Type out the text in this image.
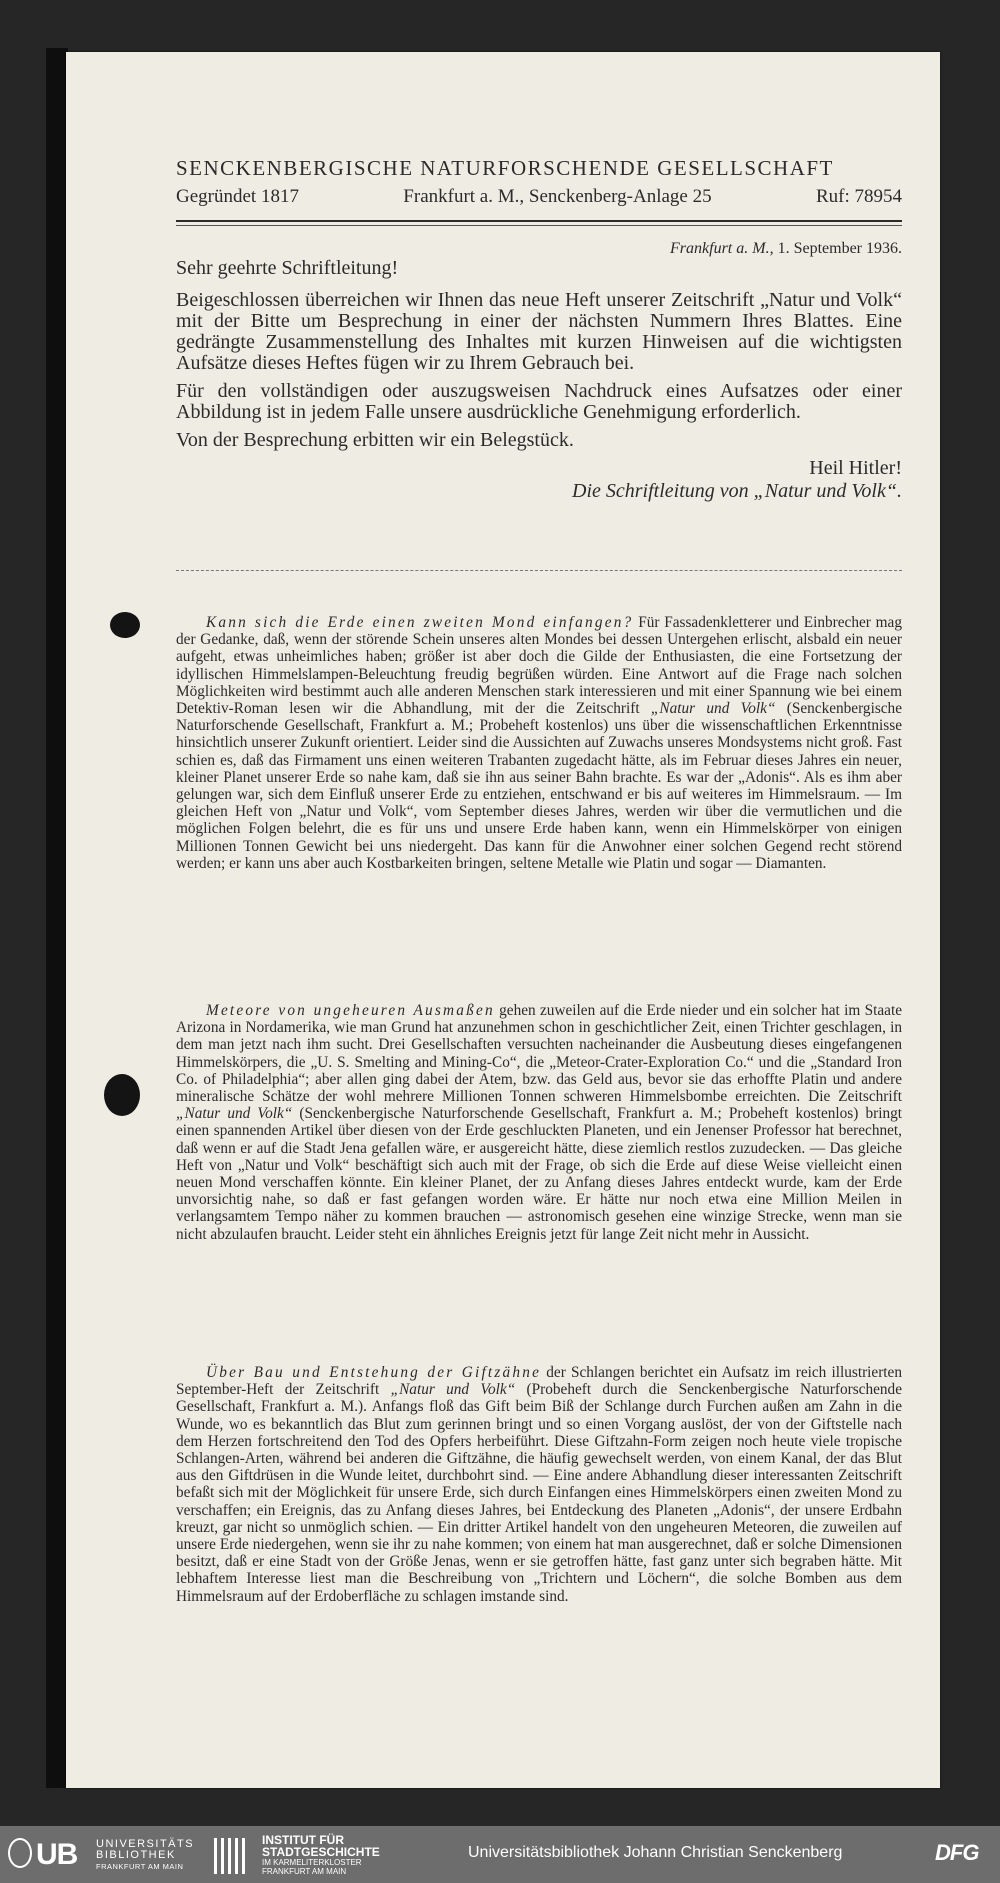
SENCKENBERGISCHE NATURFORSCHENDE GESELLSCHAFT
Gegründet 1817	Frankfurt a. M., Senckenberg-Anlage 25	Ruf: 78954
Frankfurt a. M., 1. September 1936.

Sehr geehrte Schriftleitung!

Beigeschlossen überreichen wir Ihnen das neue Heft unserer Zeitschrift „Natur und Volk“ mit der Bitte um Besprechung in einer der nächsten Nummern Ihres Blattes. Eine gedrängte Zusammenstellung des Inhaltes mit kurzen Hinweisen auf die wichtigsten Aufsätze dieses Heftes fügen wir zu Ihrem Gebrauch bei.

Für den vollständigen oder auszugsweisen Nachdruck eines Aufsatzes oder einer Abbildung ist in jedem Falle unsere ausdrückliche Genehmigung erforderlich.

Von der Besprechung erbitten wir ein Belegstück.

Heil Hitler!

Die Schriftleitung von „Natur und Volk“.

Kann sich die Erde einen zweiten Mond einfangen? Für Fassadenkletterer und Einbrecher mag der Gedanke, daß, wenn der störende Schein unseres alten Mondes bei dessen Untergehen erlischt, alsbald ein neuer aufgeht, etwas unheimliches haben; größer ist aber doch die Gilde der Enthusiasten, die eine Fortsetzung der idyllischen Himmelslampen-Beleuchtung freudig begrüßen würden. Eine Antwort auf die Frage nach solchen Möglichkeiten wird bestimmt auch alle anderen Menschen stark interessieren und mit einer Spannung wie bei einem Detektiv-Roman lesen wir die Abhandlung, mit der die Zeitschrift „Natur und Volk“ (Senckenbergische Naturforschende Gesellschaft, Frankfurt a. M.; Probeheft kostenlos) uns über die wissenschaftlichen Erkenntnisse hinsichtlich unserer Zukunft orientiert. Leider sind die Aussichten auf Zuwachs unseres Mondsystems nicht groß. Fast schien es, daß das Firmament uns einen weiteren Trabanten zugedacht hätte, als im Februar dieses Jahres ein neuer, kleiner Planet unserer Erde so nahe kam, daß sie ihn aus seiner Bahn brachte. Es war der „Adonis“. Als es ihm aber gelungen war, sich dem Einfluß unserer Erde zu entziehen, entschwand er bis auf weiteres im Himmelsraum. — Im gleichen Heft von „Natur und Volk“, vom September dieses Jahres, werden wir über die vermutlichen und die möglichen Folgen belehrt, die es für uns und unsere Erde haben kann, wenn ein Himmelskörper von einigen Millionen Tonnen Gewicht bei uns niedergeht. Das kann für die Anwohner einer solchen Gegend recht störend werden; er kann uns aber auch Kostbarkeiten bringen, seltene Metalle wie Platin und sogar — Diamanten.
Meteore von ungeheuren Ausmaßen gehen zuweilen auf die Erde nieder und ein solcher hat im Staate Arizona in Nordamerika, wie man Grund hat anzunehmen schon in geschichtlicher Zeit, einen Trichter geschlagen, in dem man jetzt nach ihm sucht. Drei Gesellschaften versuchten nacheinander die Ausbeutung dieses eingefangenen Himmelskörpers, die „U. S. Smelting and Mining-Co“, die „Meteor-Crater-Exploration Co.“ und die „Standard Iron Co. of Philadelphia“; aber allen ging dabei der Atem, bzw. das Geld aus, bevor sie das erhoffte Platin und andere mineralische Schätze der wohl mehrere Millionen Tonnen schweren Himmelsbombe erreichten. Die Zeitschrift „Natur und Volk“ (Senckenbergische Naturforschende Gesellschaft, Frankfurt a. M.; Probeheft kostenlos) bringt einen spannenden Artikel über diesen von der Erde geschluckten Planeten, und ein Jenenser Professor hat berechnet, daß wenn er auf die Stadt Jena gefallen wäre, er ausgereicht hätte, diese ziemlich restlos zuzudecken. — Das gleiche Heft von „Natur und Volk“ beschäftigt sich auch mit der Frage, ob sich die Erde auf diese Weise vielleicht einen neuen Mond verschaffen könnte. Ein kleiner Planet, der zu Anfang dieses Jahres entdeckt wurde, kam der Erde unvorsichtig nahe, so daß er fast gefangen worden wäre. Er hätte nur noch etwa eine Million Meilen in verlangsamtem Tempo näher zu kommen brauchen — astronomisch gesehen eine winzige Strecke, wenn man sie nicht abzulaufen braucht. Leider steht ein ähnliches Ereignis jetzt für lange Zeit nicht mehr in Aussicht.
Über Bau und Entstehung der Giftzähne der Schlangen berichtet ein Aufsatz im reich illustrierten September-Heft der Zeitschrift „Natur und Volk“ (Probeheft durch die Senckenbergische Naturforschende Gesellschaft, Frankfurt a. M.). Anfangs floß das Gift beim Biß der Schlange durch Furchen außen am Zahn in die Wunde, wo es bekanntlich das Blut zum gerinnen bringt und so einen Vorgang auslöst, der von der Giftstelle nach dem Herzen fortschreitend den Tod des Opfers herbeiführt. Diese Giftzahn-Form zeigen noch heute viele tropische Schlangen-Arten, während bei anderen die Giftzähne, die häufig gewechselt werden, von einem Kanal, der das Blut aus den Giftdrüsen in die Wunde leitet, durchbohrt sind. — Eine andere Abhandlung dieser interessanten Zeitschrift befaßt sich mit der Möglichkeit für unsere Erde, sich durch Einfangen eines Himmelskörpers einen zweiten Mond zu verschaffen; ein Ereignis, das zu Anfang dieses Jahres, bei Entdeckung des Planeten „Adonis“, der unsere Erdbahn kreuzt, gar nicht so unmöglich schien. — Ein dritter Artikel handelt von den ungeheuren Meteoren, die zuweilen auf unsere Erde niedergehen, wenn sie ihr zu nahe kommen; von einem hat man ausgerechnet, daß er solche Dimensionen besitzt, daß er eine Stadt von der Größe Jenas, wenn er sie getroffen hätte, fast ganz unter sich begraben hätte. Mit lebhaftem Interesse liest man die Beschreibung von „Trichtern und Löchern“, die solche Bomben aus dem Himmelsraum auf der Erdoberfläche zu schlagen imstande sind.
UB UNIVERSITÄTS
BIBLIOTHEK
FRANKFURT AM MAIN
INSTITUT FÜR
STADTGESCHICHTE
IM KARMELITERKLOSTER
FRANKFURT AM MAIN
Universitätsbibliothek Johann Christian Senckenberg	DFG
